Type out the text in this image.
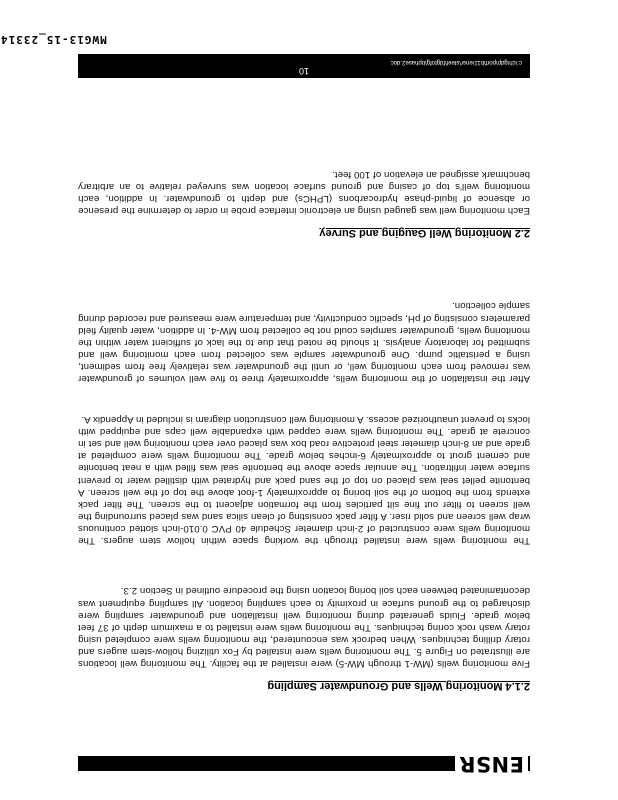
ENSR

2.1.4 Monitoring Wells and Groundwater Sampling

Five monitoring wells (MW-1 through MW-5) were installed at the facility. The monitoring well locations are illustrated on Figure 5. The monitoring wells were installed by Fox utilizing hollow-stem augers and rotary drilling techniques. When bedrock was encountered, the monitoring wells were completed using rotary wash rock coring techniques. The monitoring wells were installed to a maximum depth of 37 feet below grade. Fluids generated during monitoring well installation and groundwater sampling were discharged to the ground surface in proximity to each sampling location. All sampling equipment was decontaminated between each soil boring location using the procedure outlined in Section 2.3.

The monitoring wells were installed through the working space within hollow stem augers. The monitoring wells were constructed of 2-inch diameter Schedule 40 PVC 0.010-inch slotted continuous wrap well screen and solid riser. A filter pack consisting of clean silica sand was placed surrounding the well screen to filter out fine silt particles from the formation adjacent to the screen. The filter pack extends from the bottom of the soil boring to approximately 1-foot above the top of the well screen. A bentonite pellet seal was placed on top of the sand pack and hydrated with distilled water to prevent surface water infiltration. The annular space above the bentonite seal was filled with a neat bentonite and cement grout to approximately 6-inches below grade. The monitoring wells were completed at grade and an 8-inch diameter steel protective road box was placed over each monitoring well and set in concrete at grade. The monitoring wells were capped with expandable well caps and equipped with locks to prevent unauthorized access. A monitoring well construction diagram is included in Appendix A.

After the installation of the monitoring wells, approximately three to five well volumes of groundwater was removed from each monitoring well, or until the groundwater was relatively free from sediment, using a peristaltic pump. One groundwater sample was collected from each monitoring well and submitted for laboratory analysis. It should be noted that due to the lack of sufficient water within the monitoring wells, groundwater samples could not be collected from MW-4. In addition, water quality field parameters consisting of pH, specific conductivity, and temperature were measured and recorded during sample collection.

2.2 Monitoring Well Gauging and Survey

Each monitoring well was gauged using an electronic interface probe in order to determine the presence or absence of liquid-phase hydrocarbons (LPHCs) and depth to groundwater. In addition, each monitoring well's top of casing and ground surface location was surveyed relative to an arbitrary benchmark assigned an elevation of 100 feet.

10

c:\ch\gdp\port\b11\ensr\steel\fdgtofg\bphase2.doc

MWG13-15_23314
